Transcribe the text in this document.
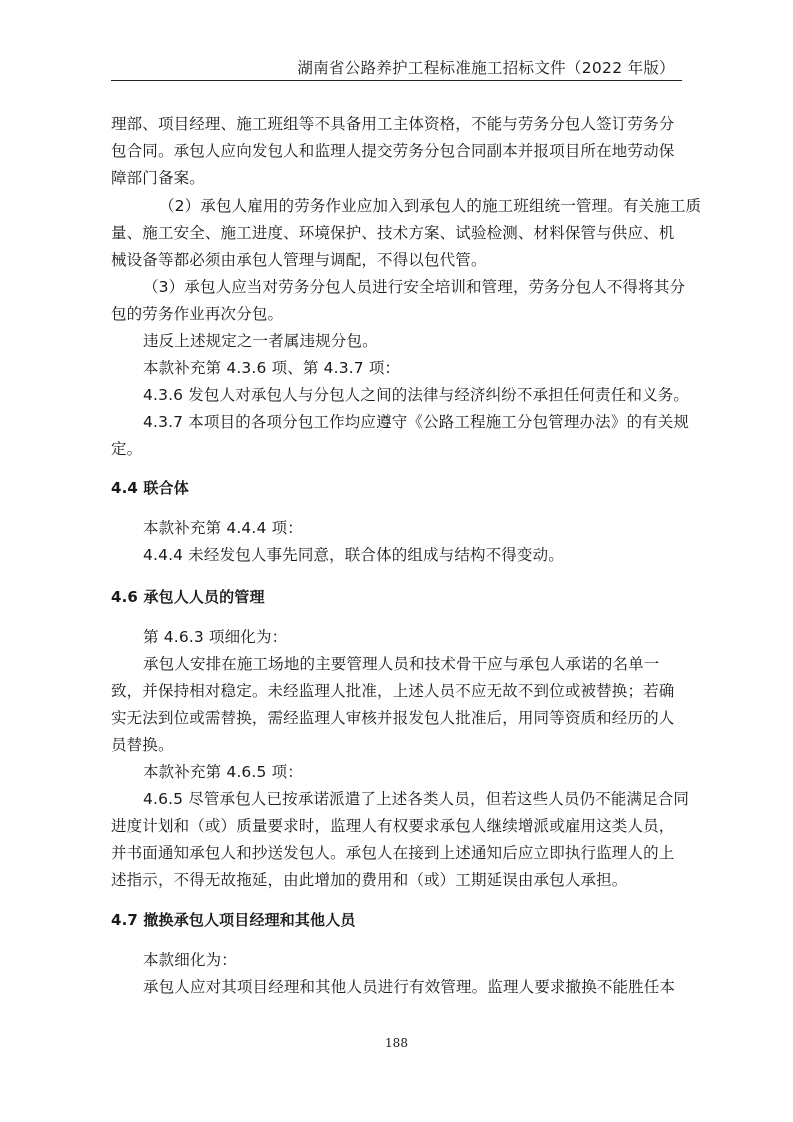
湖南省公路养护工程标准施工招标文件（2022 年版）
理部、项目经理、施工班组等不具备用工主体资格，不能与劳务分包人签订劳务分
包合同。承包人应向发包人和监理人提交劳务分包合同副本并报项目所在地劳动保
障部门备案。
（2）承包人雇用的劳务作业应加入到承包人的施工班组统一管理。有关施工质
量、施工安全、施工进度、环境保护、技术方案、试验检测、材料保管与供应、机
械设备等都必须由承包人管理与调配，不得以包代管。
（3）承包人应当对劳务分包人员进行安全培训和管理，劳务分包人不得将其分
包的劳务作业再次分包。
违反上述规定之一者属违规分包。
本款补充第 4.3.6 项、第 4.3.7 项：
4.3.6 发包人对承包人与分包人之间的法律与经济纠纷不承担任何责任和义务。
4.3.7 本项目的各项分包工作均应遵守《公路工程施工分包管理办法》的有关规
定。
4.4 联合体
本款补充第 4.4.4 项：
4.4.4 未经发包人事先同意，联合体的组成与结构不得变动。
4.6 承包人人员的管理
第 4.6.3 项细化为：
承包人安排在施工场地的主要管理人员和技术骨干应与承包人承诺的名单一
致，并保持相对稳定。未经监理人批准，上述人员不应无故不到位或被替换；若确
实无法到位或需替换，需经监理人审核并报发包人批准后，用同等资质和经历的人
员替换。
本款补充第 4.6.5 项：
4.6.5 尽管承包人已按承诺派遣了上述各类人员，但若这些人员仍不能满足合同
进度计划和（或）质量要求时，监理人有权要求承包人继续增派或雇用这类人员，
并书面通知承包人和抄送发包人。承包人在接到上述通知后应立即执行监理人的上
述指示，不得无故拖延，由此增加的费用和（或）工期延误由承包人承担。
4.7 撤换承包人项目经理和其他人员
本款细化为：
承包人应对其项目经理和其他人员进行有效管理。监理人要求撤换不能胜任本
188
